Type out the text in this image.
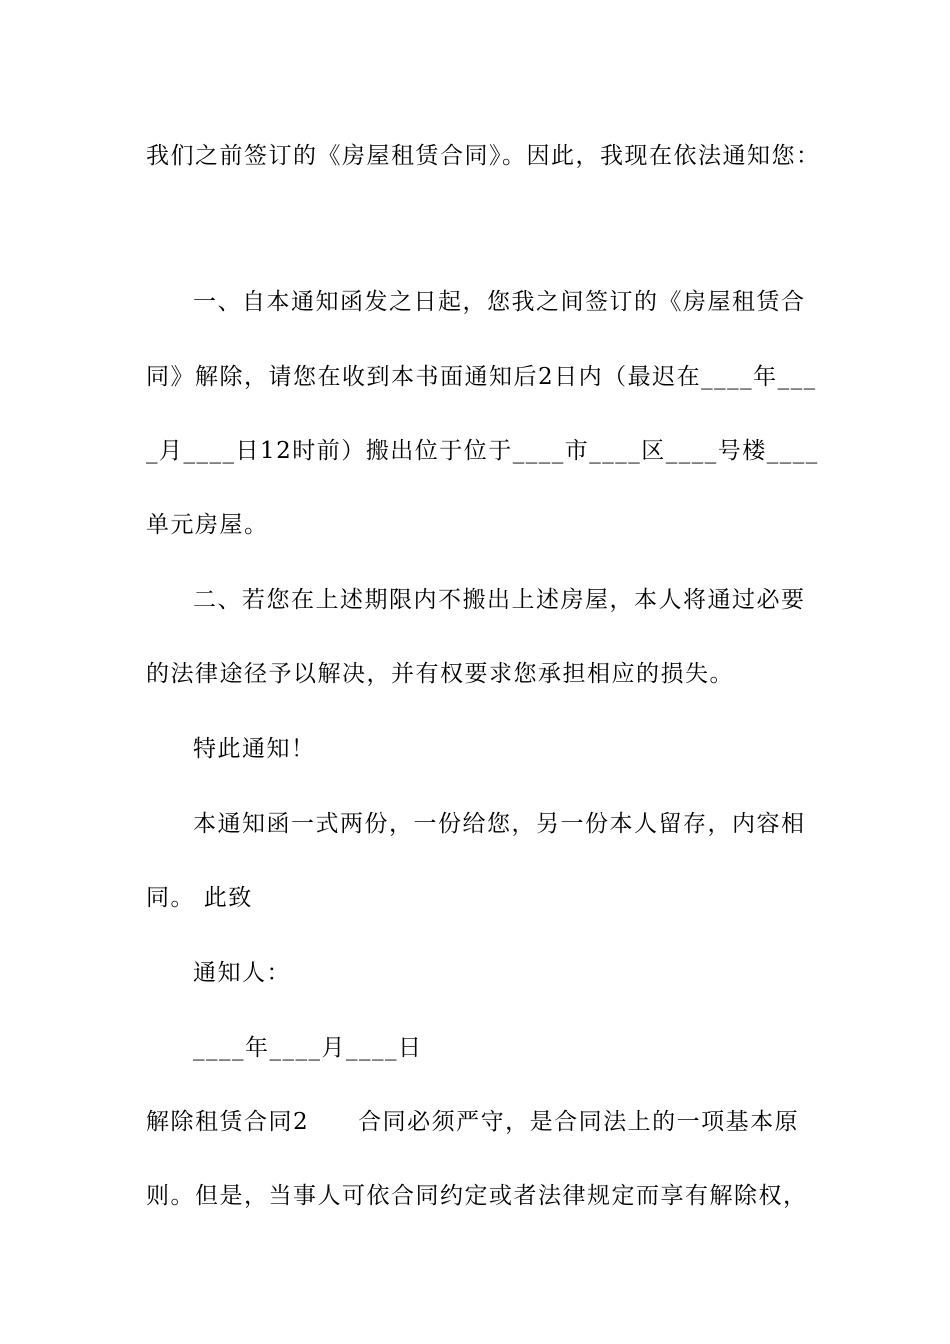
我们之前签订的《房屋租赁合同》。因此，我现在依法通知您：
一、自本通知函发之日起，您我之间签订的《房屋租赁合
同》解除，请您在收到本书面通知后2日内（最迟在____年___
_月____日12时前）搬出位于位于____市____区____号楼____
单元房屋。
二、若您在上述期限内不搬出上述房屋，本人将通过必要
的法律途径予以解决，并有权要求您承担相应的损失。
特此通知！
本通知函一式两份，一份给您，另一份本人留存，内容相
同。 此致
通知人：
____年____月____日
解除租赁合同2　　合同必须严守，是合同法上的一项基本原
则。但是，当事人可依合同约定或者法律规定而享有解除权，
